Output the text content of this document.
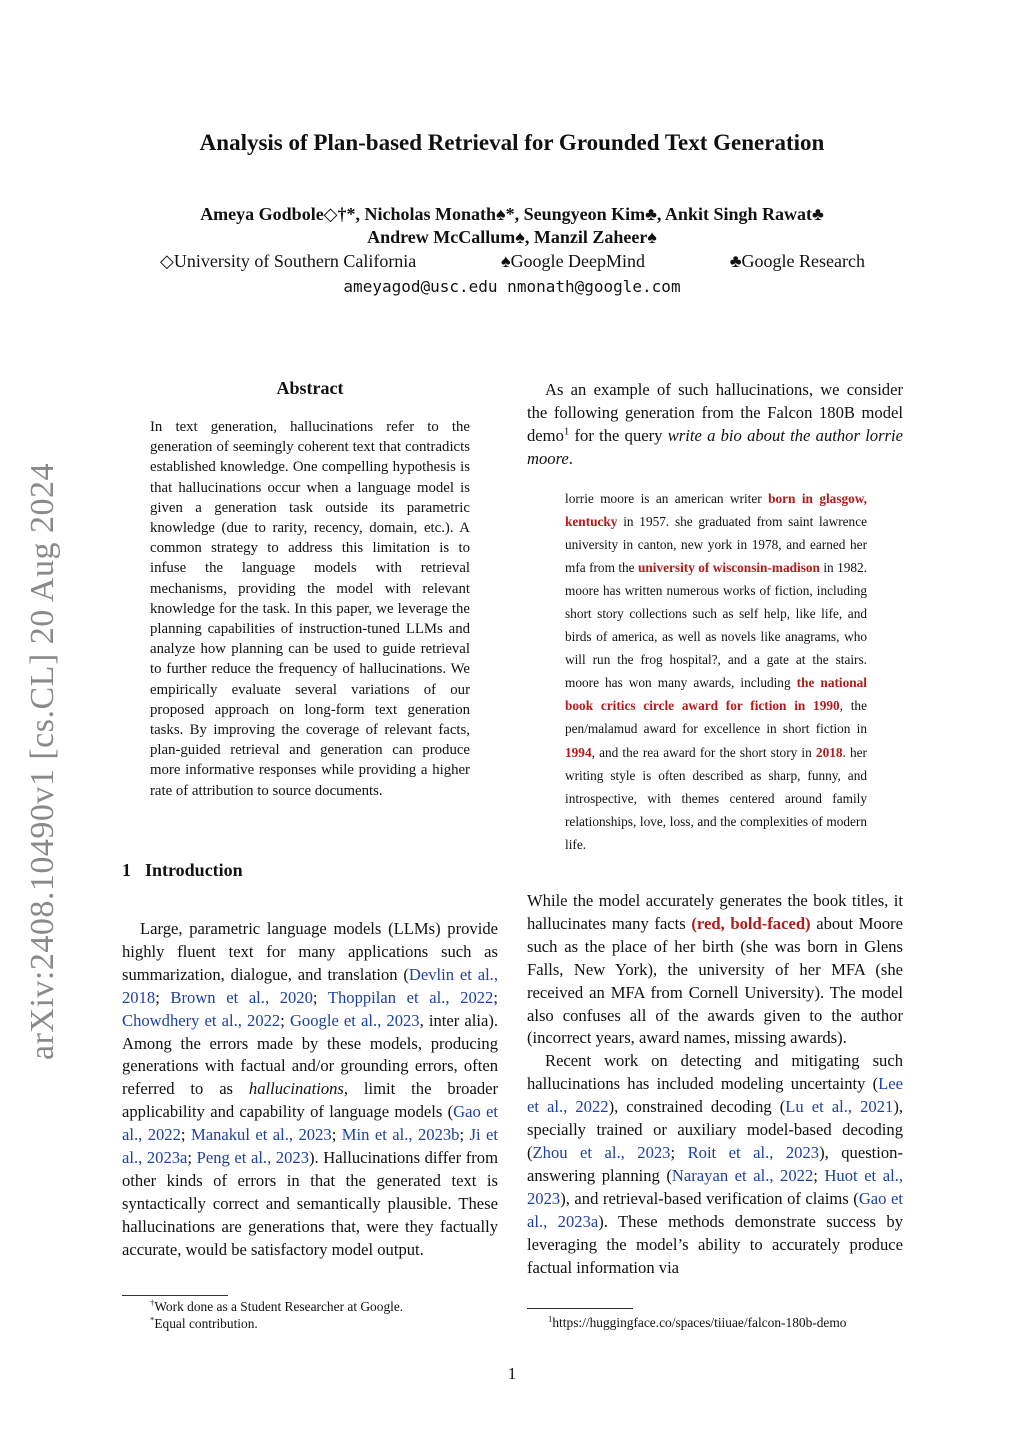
Analysis of Plan-based Retrieval for Grounded Text Generation
Ameya Godbole◇†*, Nicholas Monath♠*, Seungyeon Kim♣, Ankit Singh Rawat♣
Andrew McCallum♠, Manzil Zaheer♠
◇University of Southern California	♠Google DeepMind	♣Google Research
ameyagod@usc.edu nmonath@google.com
arXiv:2408.10490v1 [cs.CL] 20 Aug 2024
Abstract
In text generation, hallucinations refer to the generation of seemingly coherent text that contradicts established knowledge. One compelling hypothesis is that hallucinations occur when a language model is given a generation task outside its parametric knowledge (due to rarity, recency, domain, etc.). A common strategy to address this limitation is to infuse the language models with retrieval mechanisms, providing the model with relevant knowledge for the task. In this paper, we leverage the planning capabilities of instruction-tuned LLMs and analyze how planning can be used to guide retrieval to further reduce the frequency of hallucinations. We empirically evaluate several variations of our proposed approach on long-form text generation tasks. By improving the coverage of relevant facts, plan-guided retrieval and generation can produce more informative responses while providing a higher rate of attribution to source documents.
1 Introduction

Large, parametric language models (LLMs) provide highly fluent text for many applications such as summarization, dialogue, and translation (Devlin et al., 2018; Brown et al., 2020; Thoppilan et al., 2022; Chowdhery et al., 2022; Google et al., 2023, inter alia). Among the errors made by these models, producing generations with factual and/or grounding errors, often referred to as hallucinations, limit the broader applicability and capability of language models (Gao et al., 2022; Manakul et al., 2023; Min et al., 2023b; Ji et al., 2023a; Peng et al., 2023). Hallucinations differ from other kinds of errors in that the generated text is syntactically correct and semantically plausible. These hallucinations are generations that, were they factually accurate, would be satisfactory model output.

As an example of such hallucinations, we consider the following generation from the Falcon 180B model demo$^1$ for the query write a bio about the author lorrie moore.

lorrie moore is an american writer born in glasgow, kentucky in 1957. she graduated from saint lawrence university in canton, new york in 1978, and earned her mfa from the university of wisconsin-madison in 1982. moore has written numerous works of fiction, including short story collections such as self help, like life, and birds of america, as well as novels like anagrams, who will run the frog hospital?, and a gate at the stairs. moore has won many awards, including the national book critics circle award for fiction in 1990, the pen/malamud award for excellence in short fiction in 1994, and the rea award for the short story in 2018. her writing style is often described as sharp, funny, and introspective, with themes centered around family relationships, love, loss, and the complexities of modern life.

While the model accurately generates the book titles, it hallucinates many facts (red, bold-faced) about Moore such as the place of her birth (she was born in Glens Falls, New York), the university of her MFA (she received an MFA from Cornell University). The model also confuses all of the awards given to the author (incorrect years, award names, missing awards).

Recent work on detecting and mitigating such hallucinations has included modeling uncertainty (Lee et al., 2022), constrained decoding (Lu et al., 2021), specially trained or auxiliary model-based decoding (Zhou et al., 2023; Roit et al., 2023), question-answering planning (Narayan et al., 2022; Huot et al., 2023), and retrieval-based verification of claims (Gao et al., 2023a). These methods demonstrate success by leveraging the model’s ability to accurately produce factual information via

†Work done as a Student Researcher at Google.
*Equal contribution.	$^1$https://huggingface.co/spaces/tiiuae/falcon-180b-demo
1
